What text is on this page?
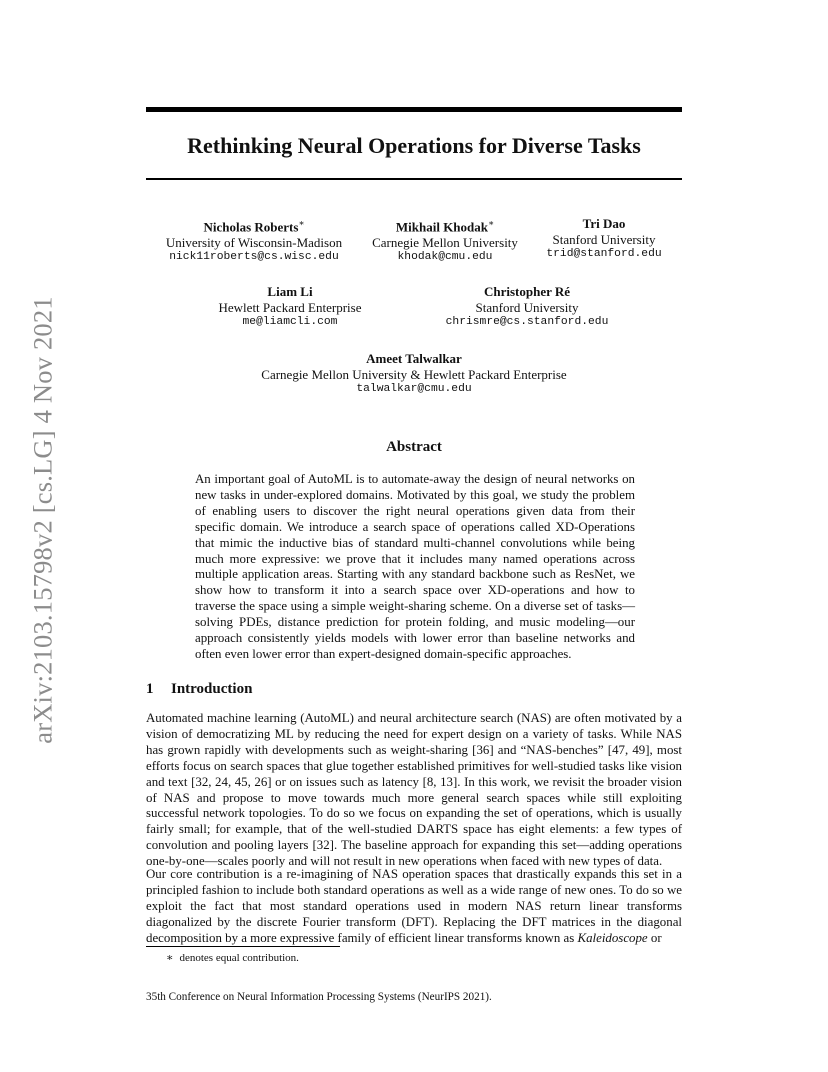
arXiv:2103.15798v2 [cs.LG] 4 Nov 2021
Rethinking Neural Operations for Diverse Tasks
Nicholas Roberts∗
University of Wisconsin-Madison
nick11roberts@cs.wisc.edu
Mikhail Khodak∗
Carnegie Mellon University
khodak@cmu.edu
Tri Dao
Stanford University
trid@stanford.edu
Liam Li
Hewlett Packard Enterprise
me@liamcli.com
Christopher Ré
Stanford University
chrismre@cs.stanford.edu
Ameet Talwalkar
Carnegie Mellon University & Hewlett Packard Enterprise
talwalkar@cmu.edu
Abstract
An important goal of AutoML is to automate-away the design of neural networks on new tasks in under-explored domains. Motivated by this goal, we study the problem of enabling users to discover the right neural operations given data from their specific domain. We introduce a search space of operations called XD-Operations that mimic the inductive bias of standard multi-channel convolutions while being much more expressive: we prove that it includes many named operations across multiple application areas. Starting with any standard backbone such as ResNet, we show how to transform it into a search space over XD-operations and how to traverse the space using a simple weight-sharing scheme. On a diverse set of tasks—solving PDEs, distance prediction for protein folding, and music modeling—our approach consistently yields models with lower error than baseline networks and often even lower error than expert-designed domain-specific approaches.
1 Introduction
Automated machine learning (AutoML) and neural architecture search (NAS) are often motivated by a vision of democratizing ML by reducing the need for expert design on a variety of tasks. While NAS has grown rapidly with developments such as weight-sharing [36] and “NAS-benches” [47, 49], most efforts focus on search spaces that glue together established primitives for well-studied tasks like vision and text [32, 24, 45, 26] or on issues such as latency [8, 13]. In this work, we revisit the broader vision of NAS and propose to move towards much more general search spaces while still exploiting successful network topologies. To do so we focus on expanding the set of operations, which is usually fairly small; for example, that of the well-studied DARTS space has eight elements: a few types of convolution and pooling layers [32]. The baseline approach for expanding this set—adding operations one-by-one—scales poorly and will not result in new operations when faced with new types of data.
Our core contribution is a re-imagining of NAS operation spaces that drastically expands this set in a principled fashion to include both standard operations as well as a wide range of new ones. To do so we exploit the fact that most standard operations used in modern NAS return linear transforms diagonalized by the discrete Fourier transform (DFT). Replacing the DFT matrices in the diagonal decomposition by a more expressive family of efficient linear transforms known as Kaleidoscope or
∗ denotes equal contribution.
35th Conference on Neural Information Processing Systems (NeurIPS 2021).
